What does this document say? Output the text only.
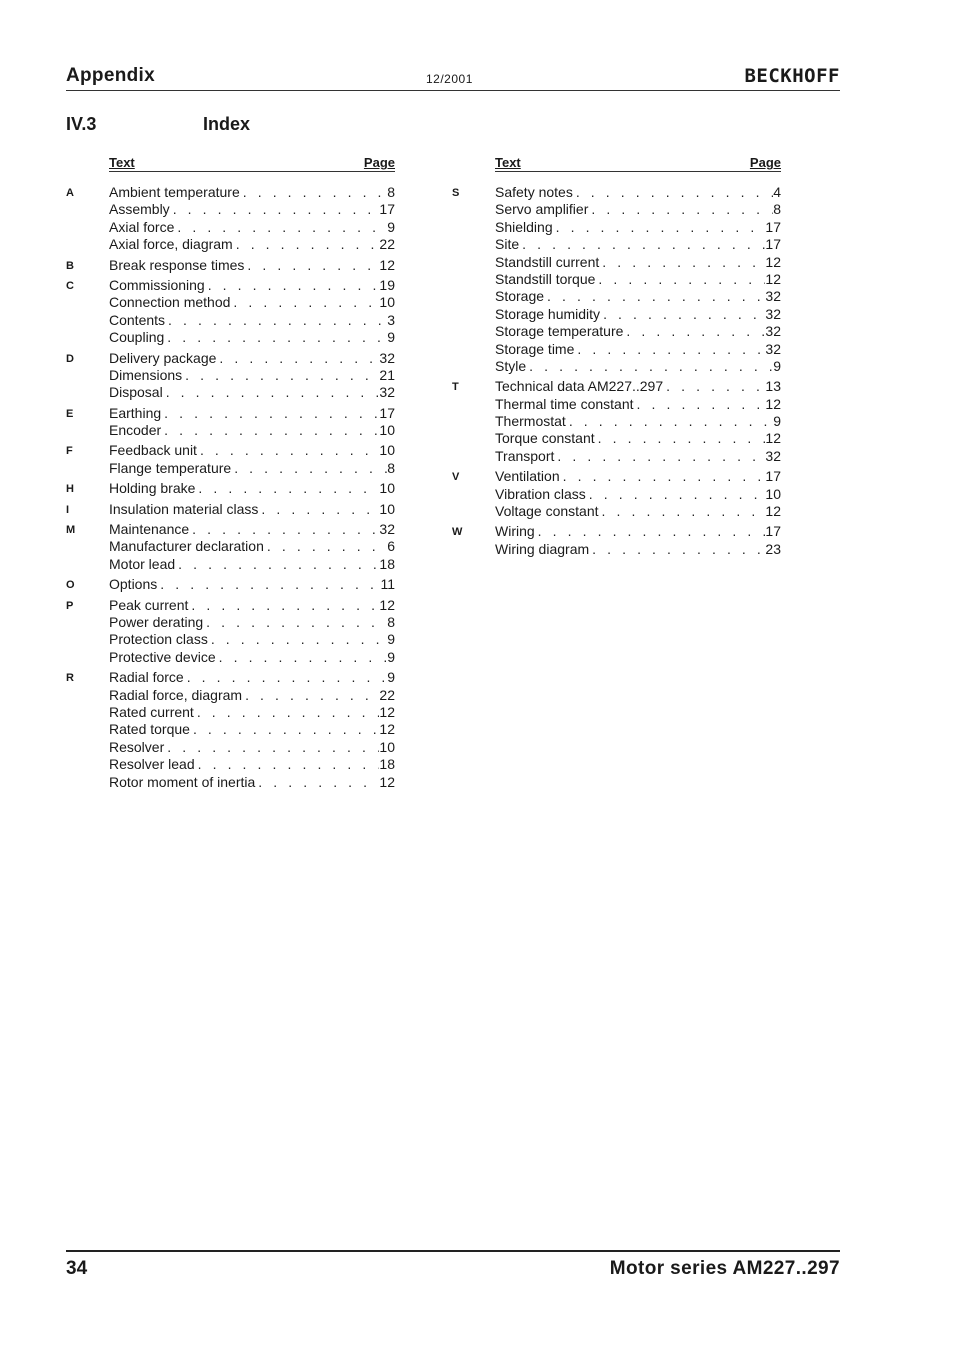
Appendix	12/2001	BECKHOFF
IV.3	Index
Text	Page
A	Ambient temperature . . .	8
Assembly . . .	17
Axial force . . .	9
Axial force, diagram . . .	22
B	Break response times . . .	12
C	Commissioning . . .	19
Connection method . . .	10
Contents . . .	3
Coupling . . .	9
D	Delivery package . . .	32
Dimensions . . .	21
Disposal . . .	32
E	Earthing . . .	17
Encoder . . .	10
F	Feedback unit . . .	10
Flange temperature . . .	8
H	Holding brake . . .	10
I	Insulation material class . . .	10
M Maintenance . . .	32
Manufacturer declaration . . .	6
Motor lead . . .	18
O Options . . .	11
P	Peak current . . .	12
Power derating . . .	8
Protection class . . .	9
Protective device . . .	9
R	Radial force . . .	9
Radial force, diagram . . .	22
Rated current . . .	12
Rated torque . . .	12
Resolver . . .	10
Resolver lead . . .	18
Rotor moment of inertia . . .	12
Text	Page
S	Safety notes . . .	4
Servo amplifier . . .	8
Shielding . . .	17
Site . . .	17
Standstill current . . .	12
Standstill torque . . .	12
Storage . . .	32
Storage humidity . . .	32
Storage temperature . . .	32
Storage time . . .	32
Style . . .	9
T	Technical data AM227..297 . . .	13
Thermal time constant . . .	12
Thermostat . . .	9
Torque constant . . .	12
Transport . . .	32
V	Ventilation . . .	17
Vibration class . . .	10
Voltage constant . . .	12
W Wiring . . .	17
Wiring diagram . . .	23
34	Motor series AM227..297
